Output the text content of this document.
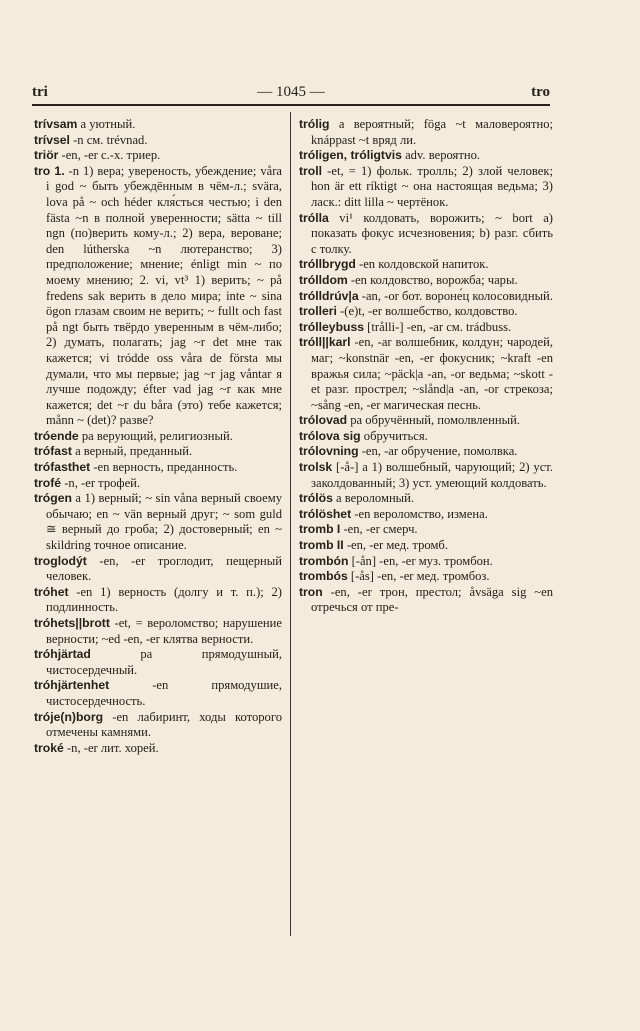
tri	— 1045 —	tro
trívsam a уютный.
trívsel -n см. trévnad.
triör -en, -er с.-х. триер.
tro 1. -n 1) вера; увереность, убеждение; våra i god ~ быть убеждённым в чём-л.; svära, lova på ~ och héder кля́сться честью; i den fästa ~n в полной уверенности; sätta ~ till ngn (по)верить кому-л.; 2) вера, вероване; den lútherska ~n лютеранство; 3) предположение; мнение; énligt min ~ по моему мнению; 2. vi, vt³ 1) верить; ~ på fredens sak верить в дело мира; inte ~ sina ögon глазам своим не верить; ~ fullt och fast på ngt быть твёрдо уверенным в чём-либо; 2) думать, полагать; jag ~r det мне так кажется; vi tródde oss våra de första мы думали, что мы первые; jag ~r jag våntar я лучше подожду; éfter vad jag ~r как мне кажется; det ~r du båra (это) тебе кажется; månn ~ (det)? разве?
tróende pa верующий, религиозный.
trófast a верный, преданный.
trófasthet -en верность, преданность.
trofé -n, -er трофей.
trógen a 1) верный; ~ sin våna верный своему обычаю; en ~ vän верный друг; ~ som guld ≅ верный до гроба; 2) достоверный; en ~ skildring точное описание.
troglodýt -en, -er троглодит, пещерный человек.
tróhet -en 1) верность (долгу и т. п.); 2) подлинность.
tróhets||brott -et, = вероломство; нарушение верности; ~ed -en, -er клятва верности.
tróhjärtad pa прямодушный, чистосердечный.
tróhjärtenhet -en прямодушие, чистосердечность.
tróje(n)borg -en лабиринт, ходы которого отмечены камнями.
troké -n, -er лит. хорей.
trólig a вероятный; föga ~t маловероятно; knáppast ~t вряд ли.
tróligen, tróligtvis adv. вероятно.
troll -et, = 1) фольк. тролль; 2) злой человек; hon är ett ríktigt ~ она настоящая ведьма; 3) ласк.: ditt lilla ~ чертёнок.
trólla vi¹ колдовать, ворожить; ~ bort a) показать фокус исчезновения; b) разг. сбить с толку.
tróllbrygd -en колдовской напиток.
trólldom -en колдовство, ворожба; чары.
trólldrúv|a -an, -or бот. вороне́ц колосовидный.
trolleri -(e)t, -er волшебство, колдовство.
trólleybuss [trålli-] -en, -ar см. trádbuss.
tróll||karl -en, -ar волшебник, колдун; чародей, маг; ~konstnär -en, -er фокусник; ~kraft -en вражья сила; ~päck|a -an, -or ведьма; ~skott -et разг. прострел; ~slånd|a -an, -or стрекоза; ~sång -en, -er магическая песнь.
trólovad pa обручённый, помолвленный.
trólova sig обручиться.
trólovning -en, -ar обручение, помолвка.
trolsk [-å-] a 1) волшебный, чарующий; 2) уст. заколдованный; 3) уст. умеющий колдовать.
trólös a вероломный.
trólöshet -en вероломство, измена.
tromb I -en, -er смерч.
tromb II -en, -er мед. тромб.
trombón [-ån] -en, -er муз. тромбон.
trombós [-ås] -en, -er мед. тромбоз.
tron -en, -er трон, престол; åvsäga sig ~en отречься от пре-
